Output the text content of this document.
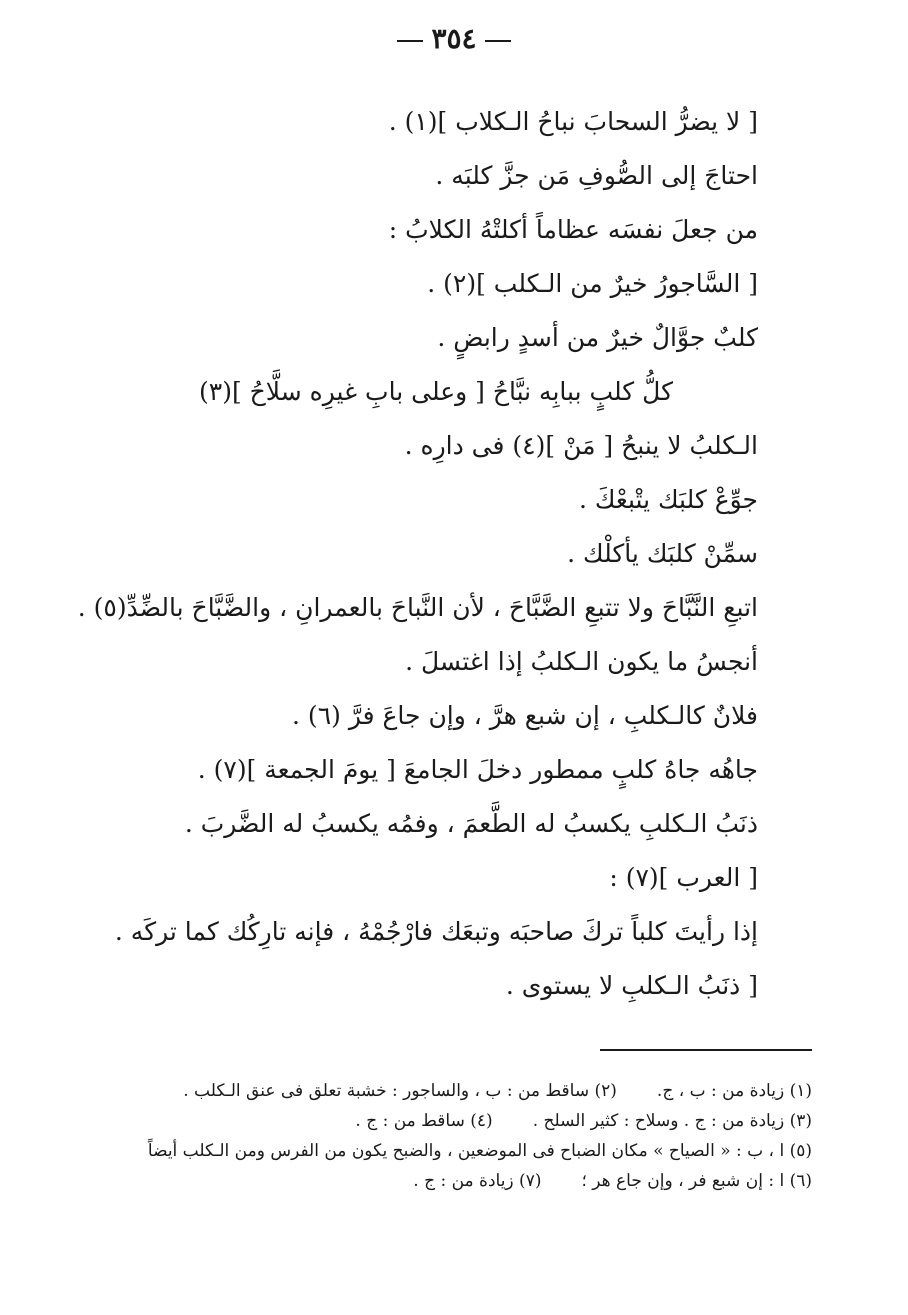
٣٥٤
[ لا يضرُّ السحابَ نباحُ الـكلاب ](١) .
احتاجَ إلى الصُّوفِ مَن جزَّ كلبَه .
من جعلَ نفسَه عظاماً أكلتْهُ الكلابُ :
[ السَّاجورُ خيرٌ من الـكلب ](٢) .
كلبٌ جوَّالٌ خيرٌ من أسدٍ رابضٍ .
كلُّ كلبٍ ببابِه نبَّاحُ [ وعلى بابِ غيرِه سلَّاحُ ](٣)
الـكلبُ لا ينبحُ [ مَنْ ](٤) فى دارِه .
جوِّعْ كلبَك يتْبعْكَ .
سمِّنْ كلبَك يأكلْك .
اتبعِ النَّبَّاحَ ولا تتبعِ الضَّبَّاحَ ، لأن النَّباحَ بالعمرانِ ، والضَّبَّاحَ بالضِّدِّ(٥) .
أنجسُ ما يكون الـكلبُ إذا اغتسلَ .
فلانٌ كالـكلبِ ، إن شبع هرَّ ، وإن جاعَ فرَّ (٦) .
جاهُه جاهُ كلبٍ ممطور دخلَ الجامعَ [ يومَ الجمعة ](٧) .
ذنَبُ الـكلبِ يكسبُ له الطَّعمَ ، وفمُه يكسبُ له الضَّربَ .
[ العرب ](٧) :
إذا رأيتَ كلباً تركَ صاحبَه وتبعَك فارْجُمْهُ ، فإنه تارِكُك كما تركَه .
[ ذنَبُ الـكلبِ لا يستوى .
(١) زيادة من : ب ، ج.(٢) ساقط من : ب ، والساجور : خشبة تعلق فى عنق الـكلب .
(٣) زيادة من : ج . وسلاح : كثير السلح .(٤) ساقط من : ج .
(٥) ا ، ب : « الصياح » مكان الضباح فى الموضعين ، والضبح يكون من الفرس ومن الـكلب أيضاً
(٦) ا : إن شبع فر ، وإن جاع هر ؛(٧) زيادة من : ج .
